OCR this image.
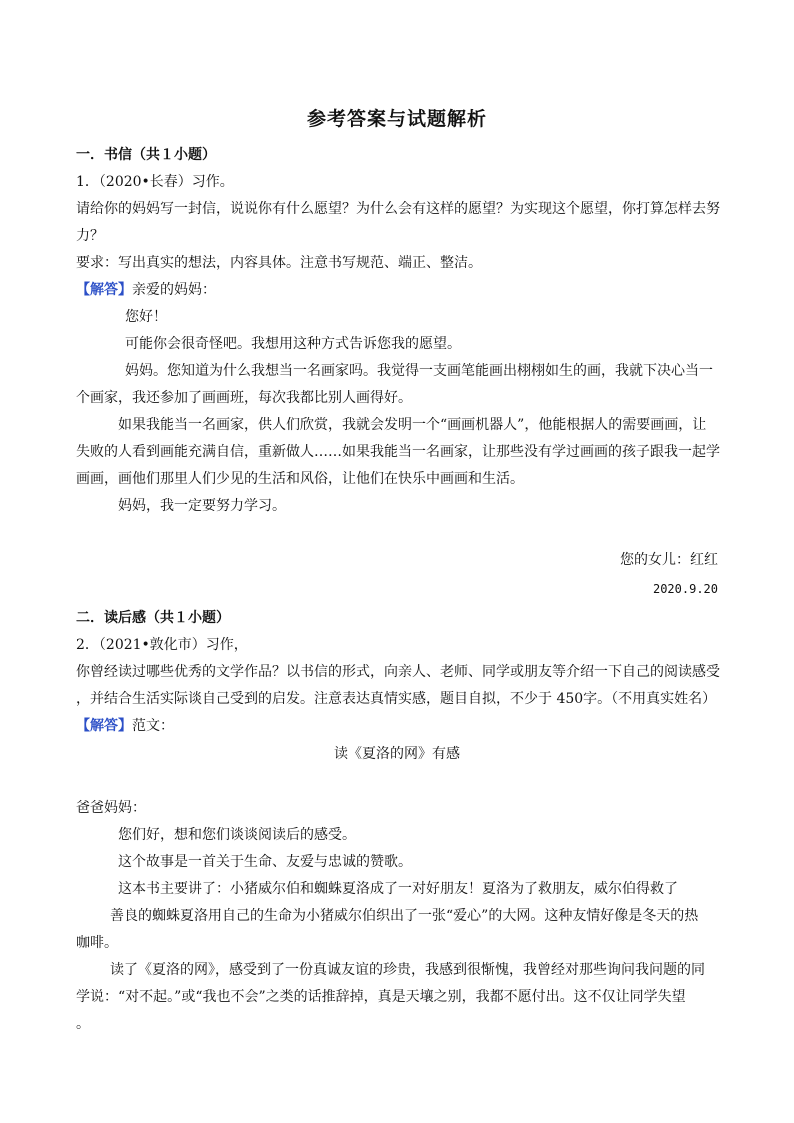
参考答案与试题解析
一．书信（共１小题）
1．（2020•长春）习作。
请给你的妈妈写一封信，说说你有什么愿望？为什么会有这样的愿望？为实现这个愿望，你打算怎样去努
力？
要求：写出真实的想法，内容具体。注意书写规范、端正、整洁。
【解答】亲爱的妈妈：
您好！
可能你会很奇怪吧。我想用这种方式告诉您我的愿望。
妈妈。您知道为什么我想当一名画家吗。我觉得一支画笔能画出栩栩如生的画，我就下决心当一
个画家，我还参加了画画班，每次我都比别人画得好。
如果我能当一名画家，供人们欣赏，我就会发明一个“画画机器人”，他能根据人的需要画画，让
失败的人看到画能充满自信，重新做人……如果我能当一名画家，让那些没有学过画画的孩子跟我一起学
画画，画他们那里人们少见的生活和风俗，让他们在快乐中画画和生活。
妈妈，我一定要努力学习。
您的女儿：红红
2020.9.20
二．读后感（共１小题）
2．（2021•敦化市）习作，
你曾经读过哪些优秀的文学作品？以书信的形式，向亲人、老师、同学或朋友等介绍一下自己的阅读感受
，并结合生活实际谈自己受到的启发。注意表达真情实感，题目自拟，不少于 450字。（不用真实姓名）
【解答】范文：
读《夏洛的网》有感
爸爸妈妈：
您们好，想和您们谈谈阅读后的感受。
这个故事是一首关于生命、友爱与忠诚的赞歌。
这本书主要讲了：小猪威尔伯和蜘蛛夏洛成了一对好朋友！夏洛为了救朋友，威尔伯得救了
善良的蜘蛛夏洛用自己的生命为小猪威尔伯织出了一张“爱心”的大网。这种友情好像是冬天的热
咖啡。
读了《夏洛的网》，感受到了一份真诚友谊的珍贵，我感到很惭愧，我曾经对那些询问我问题的同
学说：“对不起。”或“我也不会”之类的话推辞掉，真是天壤之别，我都不愿付出。这不仅让同学失望
。
